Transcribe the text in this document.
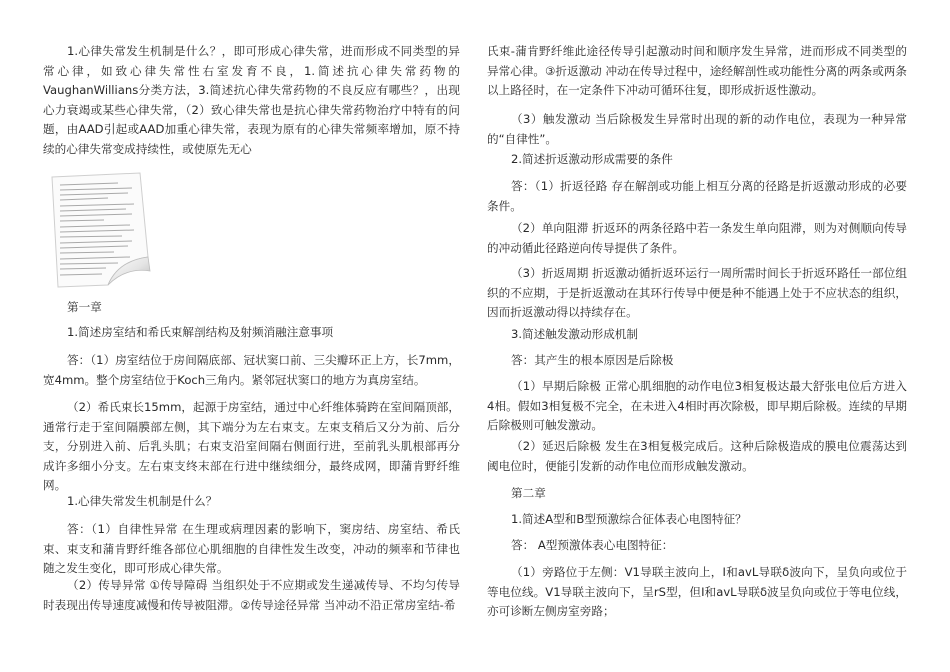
1.心律失常发生机制是什么？，即可形成心律失常，进而形成不同类型的异常心律，如致心律失常性右室发育不良，1.简述抗心律失常药物的VaughanWillians分类方法，3.简述抗心律失常药物的不良反应有哪些？，出现心力衰竭或某些心律失常，（2）致心律失常也是抗心律失常药物治疗中特有的问题，由AAD引起或AAD加重心律失常，表现为原有的心律失常频率增加，原不持续的心律失常变成持续性，或使原先无心

第一章

1.简述房室结和希氏束解剖结构及射频消融注意事项

答：（1）房室结位于房间隔底部、冠状窦口前、三尖瓣环正上方，长7mm，宽4mm。整个房室结位于Koch三角内。紧邻冠状窦口的地方为真房室结。

（2）希氏束长15mm，起源于房室结，通过中心纤维体骑跨在室间隔顶部，通常行走于室间隔膜部左侧，其下端分为左右束支。左束支稍后又分为前、后分支，分别进入前、后乳头肌；右束支沿室间隔右侧面行进，至前乳头肌根部再分成许多细小分支。左右束支终末部在行进中继续细分，最终成网，即蒲肯野纤维网。

1.心律失常发生机制是什么？

答：（1）自律性异常 在生理或病理因素的影响下，窦房结、房室结、希氏束、束支和蒲肯野纤维各部位心肌细胞的自律性发生改变，冲动的频率和节律也随之发生变化，即可形成心律失常。

（2）传导异常 ①传导障碍 当组织处于不应期或发生递减传导、不均匀传导时表现出传导速度减慢和传导被阻滞。②传导途径异常 当冲动不沿正常房室结-希

氏束-蒲肯野纤维此途径传导引起激动时间和顺序发生异常，进而形成不同类型的异常心律。③折返激动 冲动在传导过程中，途经解剖性或功能性分离的两条或两条以上路径时，在一定条件下冲动可循环往复，即形成折返性激动。

（3）触发激动 当后除极发生异常时出现的新的动作电位，表现为一种异常的“自律性”。

2.简述折返激动形成需要的条件

答：（1）折返径路 存在解剖或功能上相互分离的径路是折返激动形成的必要条件。

（2）单向阻滞 折返环的两条径路中若一条发生单向阻滞，则为对侧顺向传导的冲动循此径路逆向传导提供了条件。

（3）折返周期 折返激动循折返环运行一周所需时间长于折返环路任一部位组织的不应期，于是折返激动在其环行传导中便是种不能遇上处于不应状态的组织，因而折返激动得以持续存在。

3.简述触发激动形成机制

答：其产生的根本原因是后除极

（1）早期后除极 正常心肌细胞的动作电位3相复极达最大舒张电位后方进入4相。假如3相复极不完全，在未进入4相时再次除极，即早期后除极。连续的早期后除极则可触发激动。

（2）延迟后除极 发生在3相复极完成后。这种后除极造成的膜电位震荡达到阈电位时，便能引发新的动作电位而形成触发激动。

第二章

1.简述A型和B型预激综合征体表心电图特征？

答： A型预激体表心电图特征：

（1）旁路位于左侧：V1导联主波向上，Ⅰ和avL导联δ波向下，呈负向或位于等电位线。V1导联主波向下，呈rS型，但Ⅰ和avL导联δ波呈负向或位于等电位线，亦可诊断左侧房室旁路；
